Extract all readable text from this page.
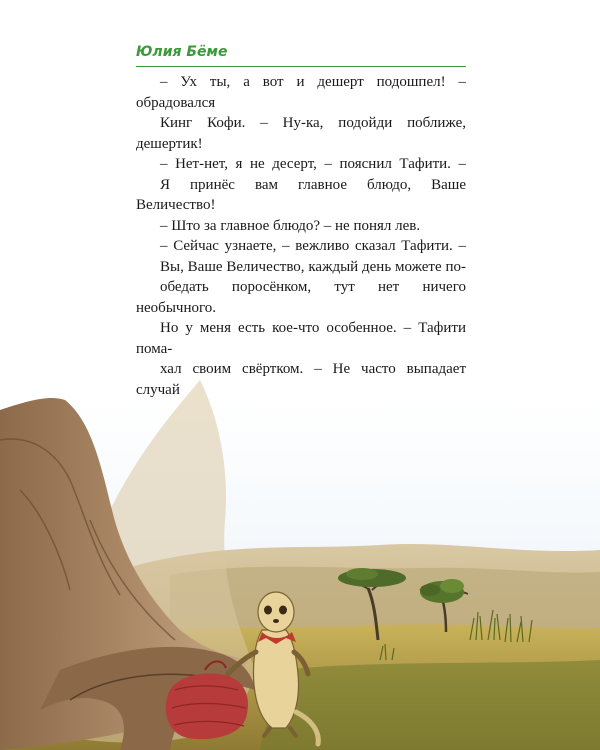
Юлия Бёме

– Ух ты, а вот и дешерт подошпел! – обрадовался

Кинг Кофи. – Ну-ка, подойди поближе, дешертик!

– Нет-нет, я не десерт, – пояснил Тафити. –

Я принёс вам главное блюдо, Ваше Величество!

– Што за главное блюдо? – не понял лев.

– Сейчас узнаете, – вежливо сказал Тафити. –

Вы, Ваше Величество, каждый день можете по-

обедать поросёнком, тут нет ничего необычного.

Но у меня есть кое-что особенное. – Тафити пома-

хал своим свёртком. – Не часто выпадает случай
